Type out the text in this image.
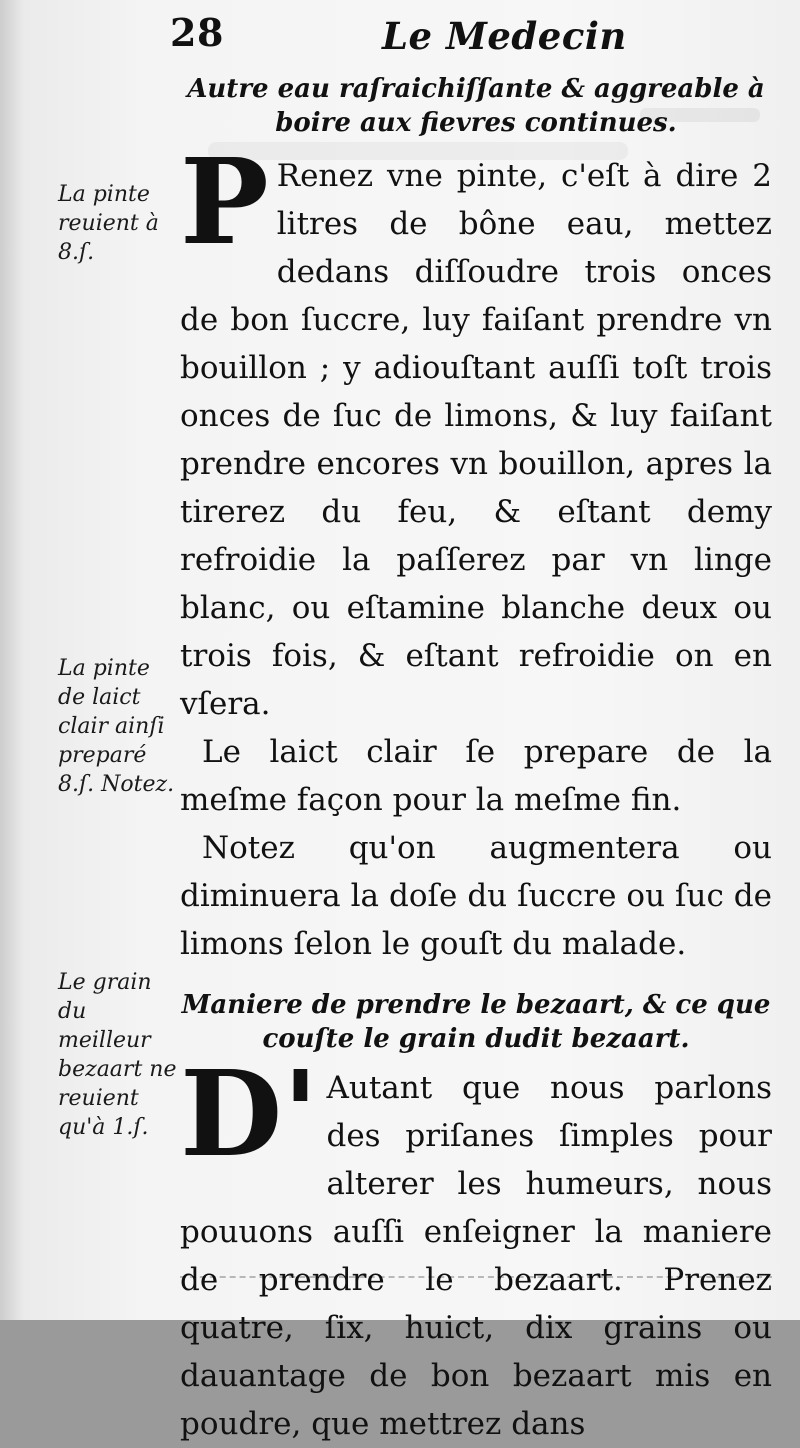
28	Le Medecin
La pinte reuient à 8.ſ.
La pinte de laict clair ainſi preparé 8.ſ. Notez.
Le grain du meilleur bezaart ne reuient qu'à 1.ſ.

Autre eau raſraichiſſante & aggreable à boire aux fievres continues.

PRenez vne pinte, c'eſt à dire 2 litres de bône eau, mettez dedans diſſoudre trois onces de bon ſuccre, luy faiſant prendre vn bouillon ; y adiouſtant auſſi toſt trois onces de ſuc de limons, & luy faiſant prendre encores vn bouillon, apres la tirerez du feu, & eſtant demy refroidie la paſſerez par vn linge blanc, ou eſtamine blanche deux ou trois fois, & eſtant refroidie on en vſera.

Le laict clair ſe prepare de la meſme façon pour la meſme fin.

Notez qu'on augmentera ou diminuera la doſe du ſuccre ou ſuc de limons ſelon le gouſt du malade.

Maniere de prendre le bezaart, & ce que couſte le grain dudit bezaart.

D'Autant que nous parlons des priſanes ſimples pour alterer les humeurs, nous pouuons auſſi enſeigner la maniere de prendre le bezaart. Prenez quatre, ſix, huict, dix grains ou dauantage de bon bezaart mis en poudre, que mettrez dans
